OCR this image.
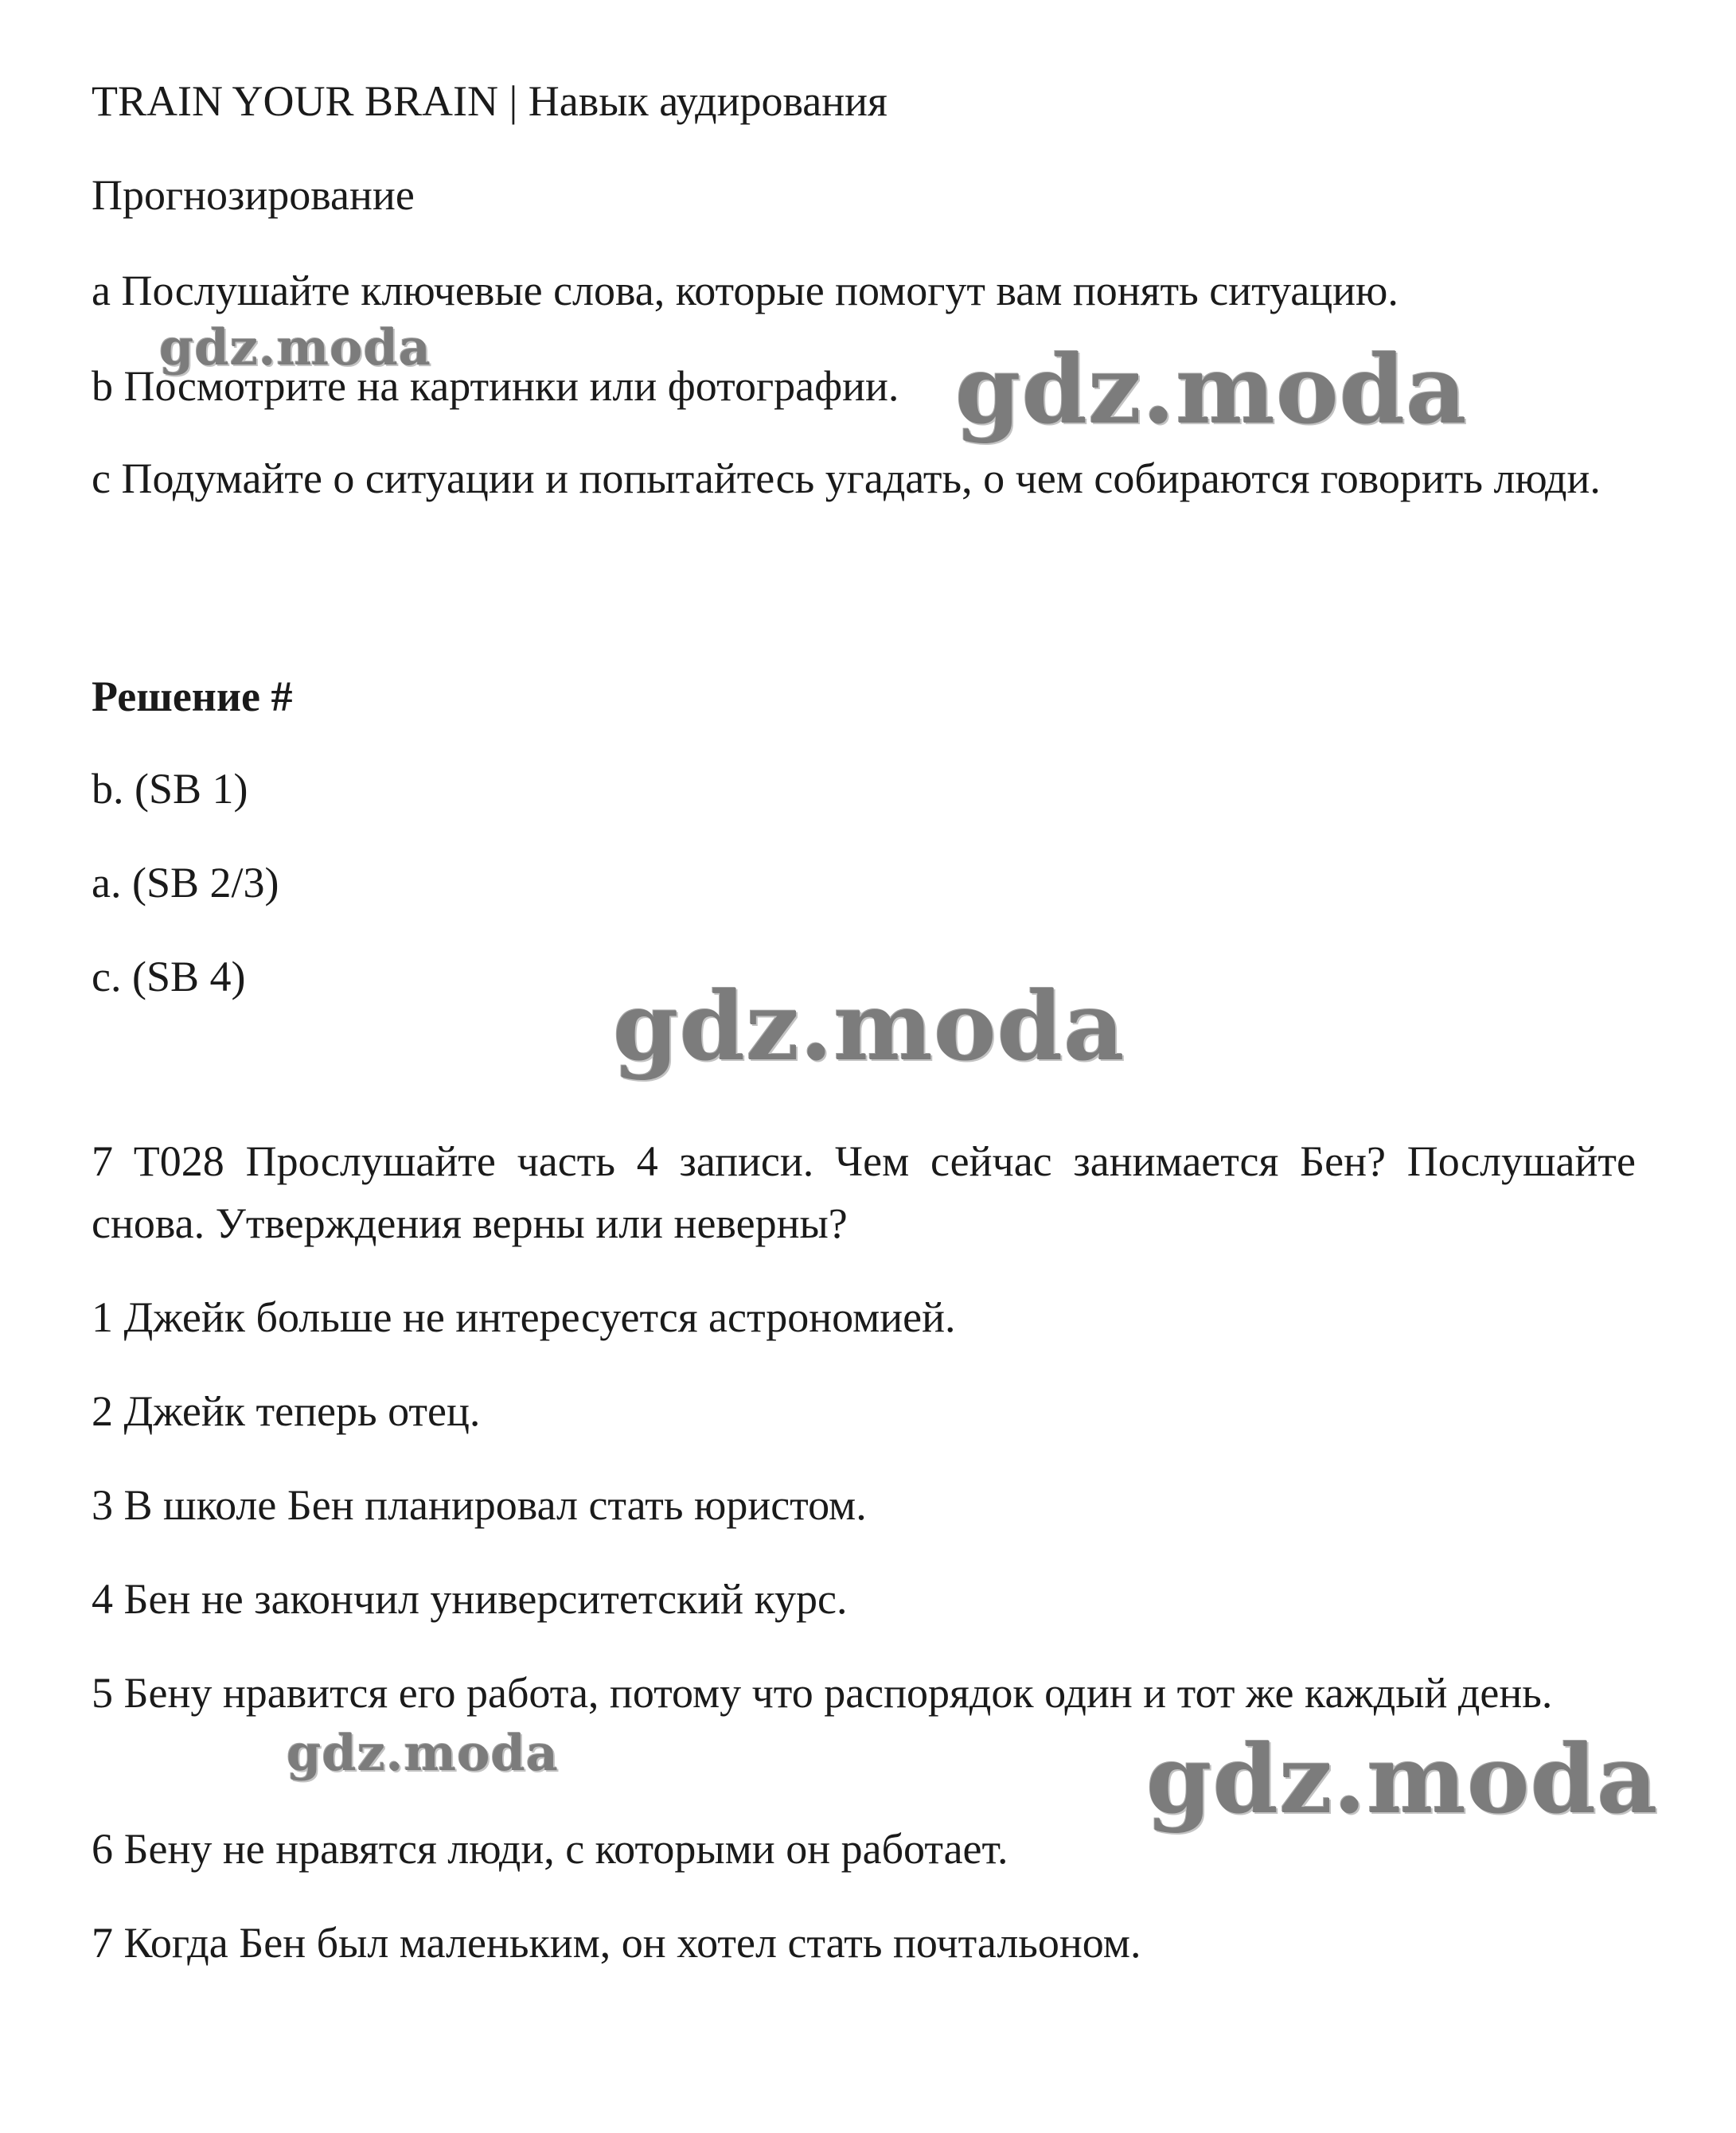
TRAIN YOUR BRAIN | Навык аудирования
Прогнозирование
a Послушайте ключевые слова, которые помогут вам понять ситуацию.
b Посмотрите на картинки или фотографии.
c Подумайте о ситуации и попытайтесь угадать, о чем собираются говорить люди.
Решение #
b. (SB 1)
a. (SB 2/3)
c. (SB 4)
7 T028 Прослушайте часть 4 записи. Чем сейчас занимается Бен? Послушайте снова. Утверждения верны или неверны?
1 Джейк больше не интересуется астрономией.
2 Джейк теперь отец.
3 В школе Бен планировал стать юристом.
4 Бен не закончил университетский курс.
5 Бену нравится его работа, потому что распорядок один и тот же каждый день.
6 Бену не нравятся люди, с которыми он работает.
7 Когда Бен был маленьким, он хотел стать почтальоном.
gdz.moda	gdz.moda
gdz.moda
gdz.moda	gdz.moda
